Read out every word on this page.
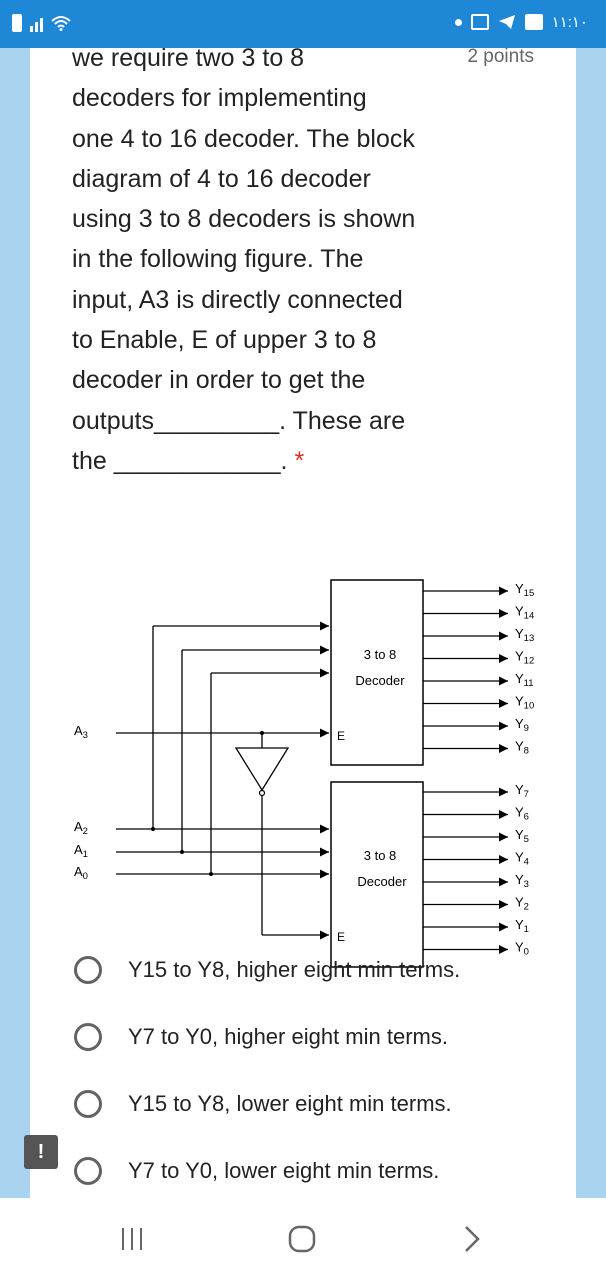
١١:١٠

we require two 3 to 8
decoders for implementing
one 4 to 16 decoder. The block
diagram of 4 to 16 decoder
using 3 to 8 decoders is shown
in the following figure. The
input, A3 is directly connected
to Enable, E of upper 3 to 8
decoder in order to get the
outputs_________. These are
the ____________. *

2 points
3 to 8
Decoder
3 to 8
Decoder
E
E
$A_3$
$A_2$
$A_1$
$A_0$
$Y_{15}$
$Y_{14}$
$Y_{13}$
$Y_{12}$
$Y_{11}$
$Y_{10}$
$Y_9$
$Y_8$
$Y_7$
$Y_6$
$Y_5$
$Y_4$
$Y_3$
$Y_2$
$Y_1$
$Y_0$
Y15 to Y8, higher eight min terms.
Y7 to Y0, higher eight min terms.
Y15 to Y8, lower eight min terms.
Y7 to Y0, lower eight min terms.
!
